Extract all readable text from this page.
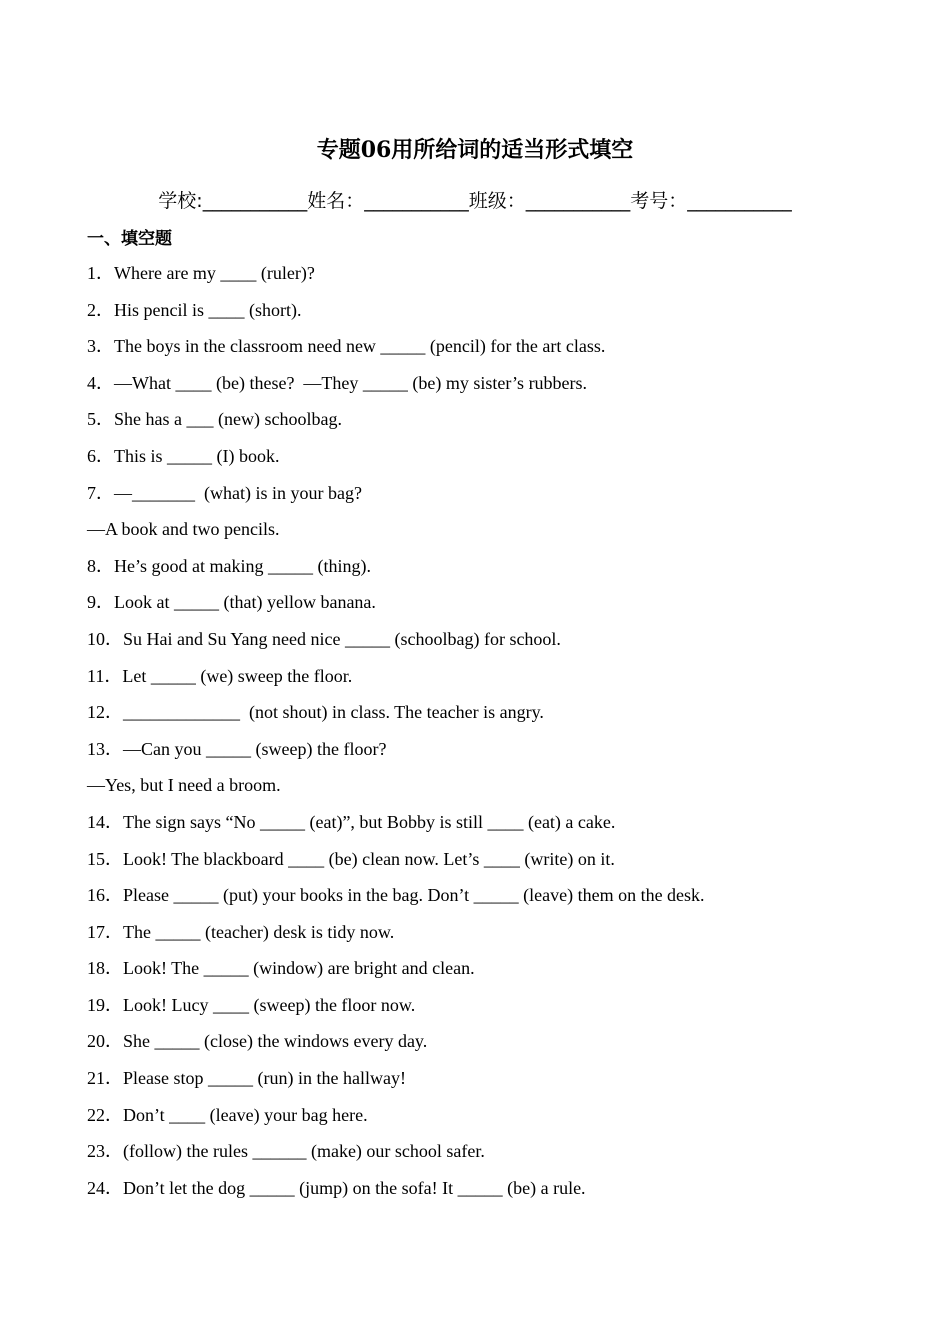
专题06用所给词的适当形式填空
学校:___________姓名：___________班级：___________考号：___________
一、填空题
1．Where are my ____ (ruler)?
2．His pencil is ____ (short).
3．The boys in the classroom need new _____ (pencil) for the art class.
4．—What ____ (be) these?  —They _____ (be) my sister’s rubbers.
5．She has a ___ (new) schoolbag.
6．This is _____ (I) book.
7．—_______  (what) is in your bag?
—A book and two pencils.
8．He’s good at making _____ (thing).
9．Look at _____ (that) yellow banana.
10．Su Hai and Su Yang need nice _____ (schoolbag) for school.
11．Let _____ (we) sweep the floor.
12．_____________  (not shout) in class. The teacher is angry.
13．—Can you _____ (sweep) the floor?
—Yes, but I need a broom.
14．The sign says “No _____ (eat)”, but Bobby is still ____ (eat) a cake.
15．Look! The blackboard ____ (be) clean now. Let’s ____ (write) on it.
16．Please _____ (put) your books in the bag. Don’t _____ (leave) them on the desk.
17．The _____ (teacher) desk is tidy now.
18．Look! The _____ (window) are bright and clean.
19．Look! Lucy ____ (sweep) the floor now.
20．She _____ (close) the windows every day.
21．Please stop _____ (run) in the hallway!
22．Don’t ____ (leave) your bag here.
23．(follow) the rules ______ (make) our school safer.
24．Don’t let the dog _____ (jump) on the sofa! It _____ (be) a rule.
